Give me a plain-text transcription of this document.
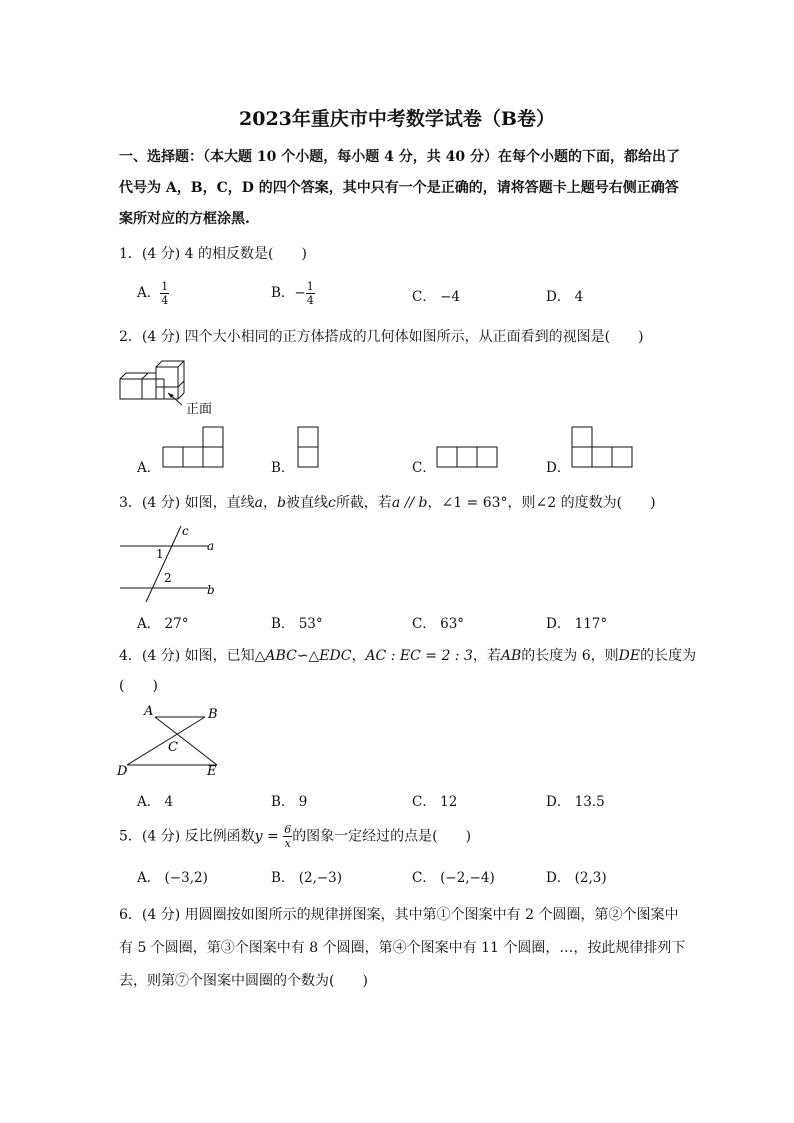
2023年重庆市中考数学试卷（B卷）
一、选择题：（本大题 10 个小题，每小题 4 分，共 40 分）在每个小题的下面，都给出了
代号为 A，B，C，D 的四个答案，其中只有一个是正确的，请将答题卡上题号右侧正确答
案所对应的方框涂黑.
1．(4 分) 4 的相反数是(　　)
A． $\frac{1}{4}$	B．− $\frac{1}{4}$	C． −4	D． 4
2．(4 分) 四个大小相同的正方体搭成的几何体如图所示，从正面看到的视图是(　　)
正面
A．	B．	C．	D．
3．(4 分) 如图，直线a，b被直线c所截，若a // b，∠1 = 63°，则∠2 的度数为(　　)
c
a
b
1
2
A． 27°	B． 53°	C． 63°	D． 117°
4．(4 分) 如图，已知△ABC∽△EDC，AC : EC = 2 : 3，若AB的长度为 6，则DE的长度为
(　　)
A	B
C
D	E
A． 4	B． 9	C． 12	D． 13.5
5．(4 分) 反比例函数$y = \frac{6}{x}$ 的图象一定经过的点是(　　)
A． (−3,2)	B． (2,−3)	C． (−2,−4)	D． (2,3)
6．(4 分) 用圆圈按如图所示的规律拼图案，其中第①个图案中有 2 个圆圈，第②个图案中
有 5 个圆圈，第③个图案中有 8 个圆圈，第④个图案中有 11 个圆圈，…，按此规律排列下
去，则第⑦个图案中圆圈的个数为(　　)
